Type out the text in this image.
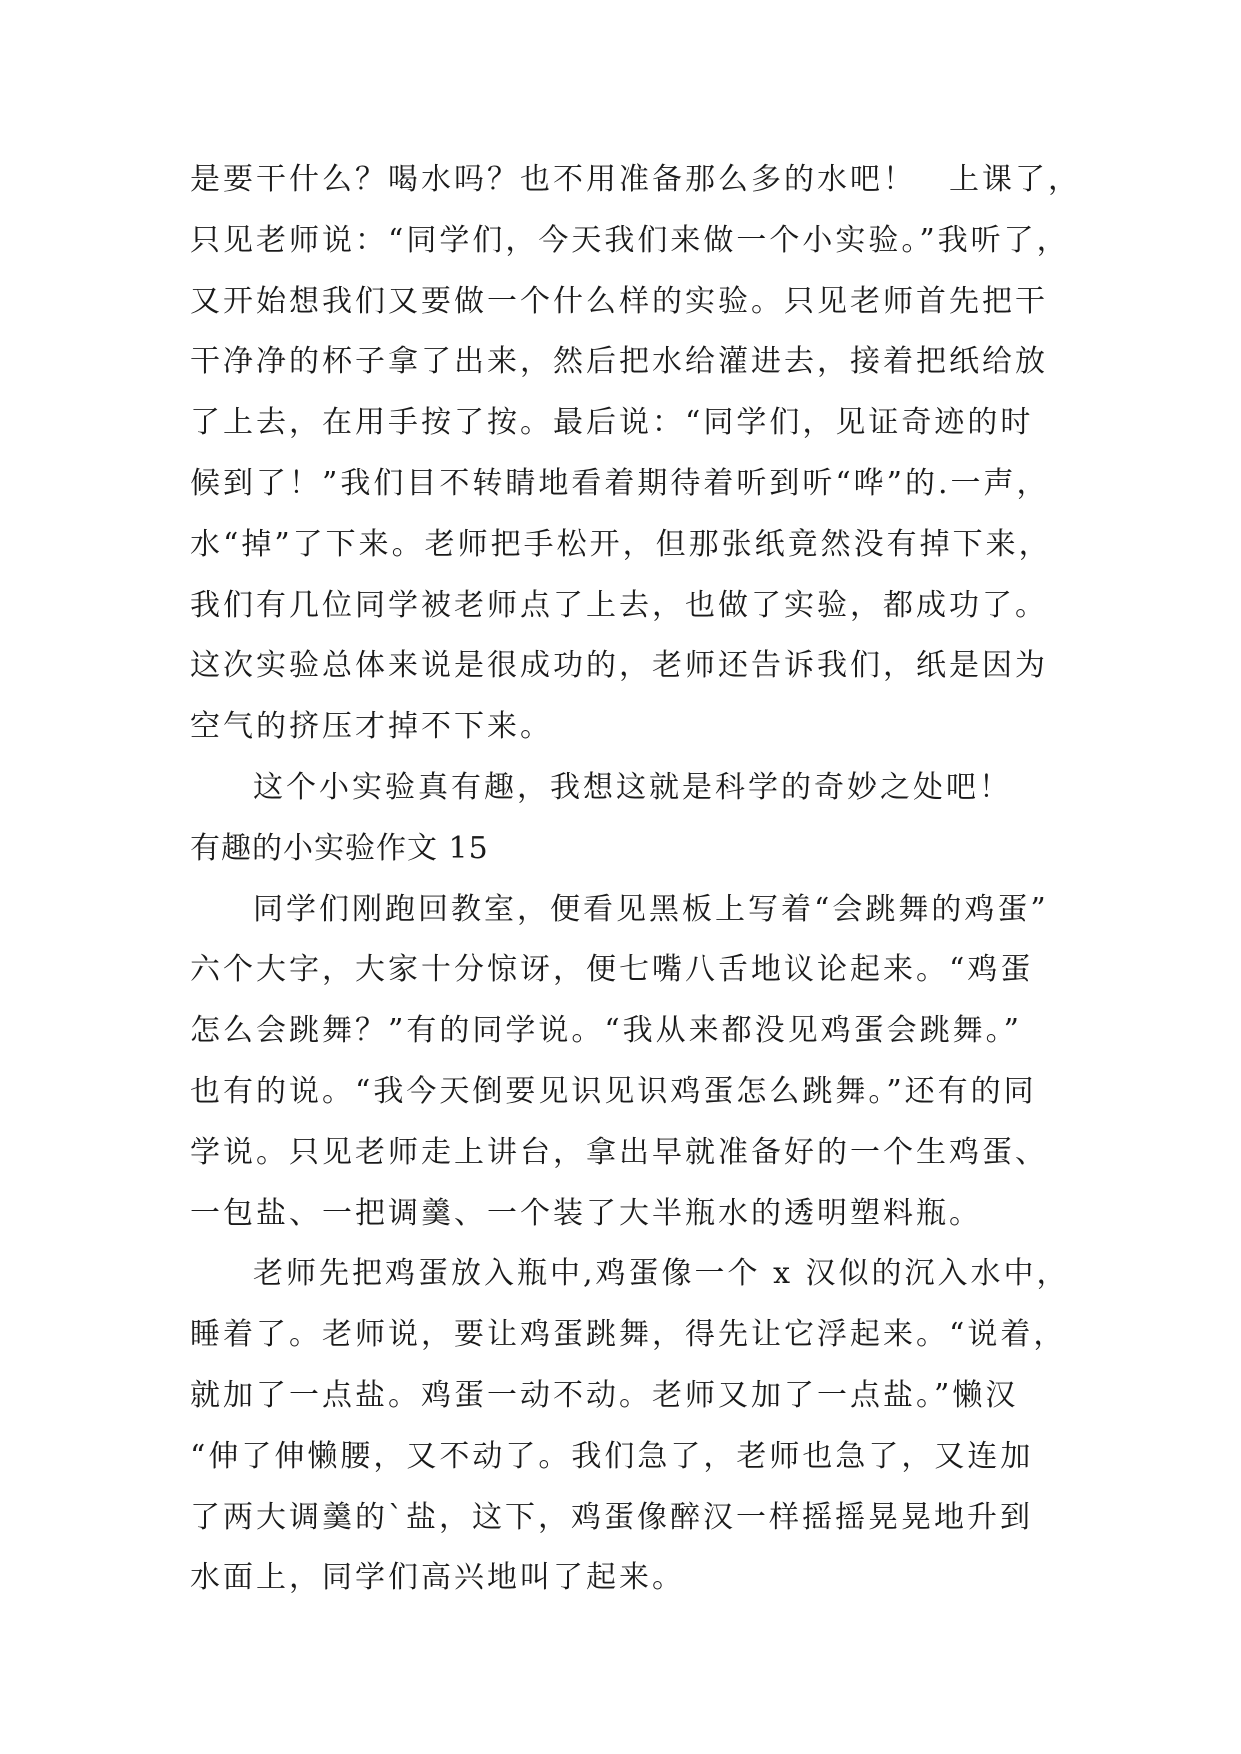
是要干什么？喝水吗？也不用准备那么多的水吧！　上课了，
只见老师说：“同学们，今天我们来做一个小实验。”我听了，
又开始想我们又要做一个什么样的实验。只见老师首先把干
干净净的杯子拿了出来，然后把水给灌进去，接着把纸给放
了上去，在用手按了按。最后说：“同学们，见证奇迹的时
候到了！”我们目不转睛地看着期待着听到听“哗”的.一声，
水“掉”了下来。老师把手松开，但那张纸竟然没有掉下来，
我们有几位同学被老师点了上去，也做了实验，都成功了。
这次实验总体来说是很成功的，老师还告诉我们，纸是因为
空气的挤压才掉不下来。
这个小实验真有趣，我想这就是科学的奇妙之处吧！
有趣的小实验作文 15
同学们刚跑回教室，便看见黑板上写着“会跳舞的鸡蛋”
六个大字，大家十分惊讶，便七嘴八舌地议论起来。“鸡蛋
怎么会跳舞？”有的同学说。“我从来都没见鸡蛋会跳舞。”
也有的说。“我今天倒要见识见识鸡蛋怎么跳舞。”还有的同
学说。只见老师走上讲台，拿出早就准备好的一个生鸡蛋、
一包盐、一把调羹、一个装了大半瓶水的透明塑料瓶。
老师先把鸡蛋放入瓶中,鸡蛋像一个 x 汉似的沉入水中，
睡着了。老师说，要让鸡蛋跳舞，得先让它浮起来。“说着，
就加了一点盐。鸡蛋一动不动。老师又加了一点盐。”懒汉
“伸了伸懒腰，又不动了。我们急了，老师也急了，又连加
了两大调羹的`盐，这下，鸡蛋像醉汉一样摇摇晃晃地升到
水面上，同学们高兴地叫了起来。
